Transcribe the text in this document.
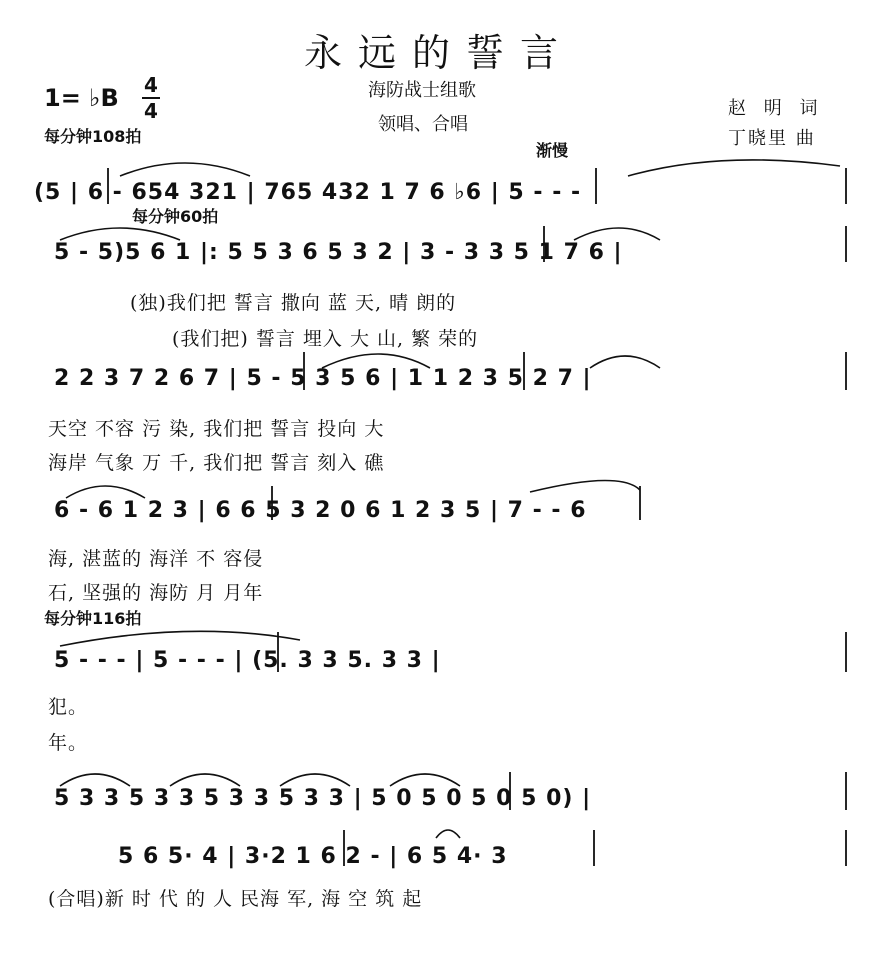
永远的誓言
1= ♭B 4
4
海防战士组歌
领唱、合唱
赵 明 词
丁晓里 曲
每分钟108拍
渐慢
每分钟60拍
每分钟116拍
(5 | 6 - 654 321 | 765 432 1 7 6 ♭6 | 5 - - -
5 - 5)5 6 1 |: 5 5 3 6 5 3 2 | 3 - 3 3 5 1 7 6 |
2 2 3 7 2 6 7 | 5 - 5 3 5 6 | 1 1 2 3 5 2 7 |
6 - 6 1 2 3 | 6 6 5 3 2 0 6 1 2 3 5 | 7 - - 6
5 - - - | 5 - - - | (5. 3 3 5. 3 3 |
5 3 3 5 3 3 5 3 3 5 3 3 | 5 0 5 0 5 0 5 0) |
5 6 5· 4 | 3·2 1 6 2 - | 6 5 4· 3
(独)我们把 誓言 撒向 蓝 天, 晴 朗的
(我们把) 誓言 埋入 大 山, 繁 荣的
天空 不容 污 染, 我们把 誓言 投向 大
海岸 气象 万 千, 我们把 誓言 刻入 礁
海, 湛蓝的 海洋 不 容侵
石, 坚强的 海防 月 月年
犯。
年。
(合唱)新 时 代 的 人 民海 军, 海 空 筑 起
